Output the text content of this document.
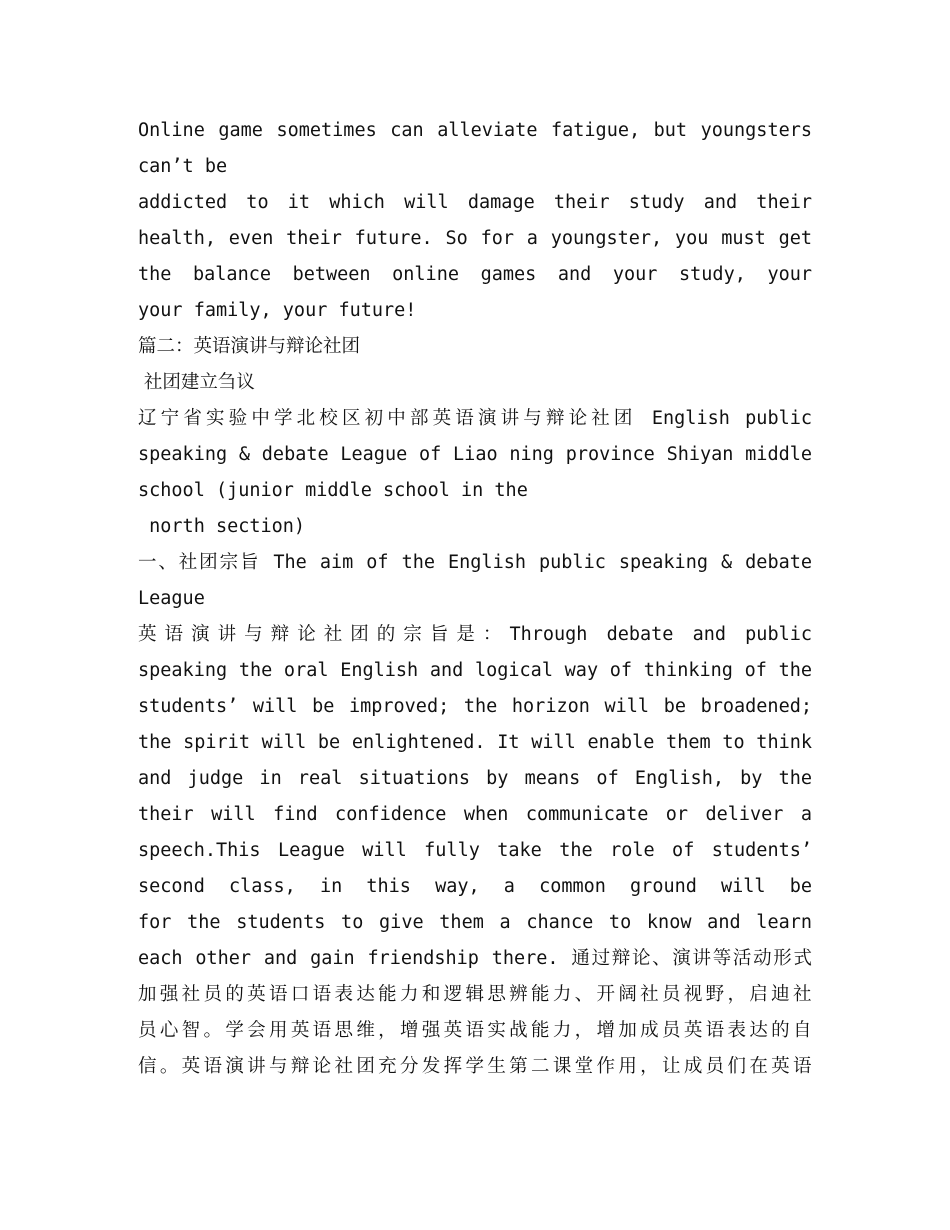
Online game sometimes can alleviate fatigue, but youngsters
can’t be
addicted to it which will damage their study and their
health, even their future. So for a youngster, you must get
the balance between online games and your study, your
your family, your future!
篇二：英语演讲与辩论社团
社团建立刍议
辽宁省实验中学北校区初中部英语演讲与辩论社团 English public
speaking & debate League of Liao ning province Shiyan middle
school (junior middle school in the
north section)
一、社团宗旨 The aim of the English public speaking & debate
League
英语演讲与辩论社团的宗旨是：Through debate and public
speaking the oral English and logical way of thinking of the
students’ will be improved; the horizon will be broadened;
the spirit will be enlightened. It will enable them to think
and judge in real situations by means of English, by the
their will find confidence when communicate or deliver a
speech.This League will fully take the role of students’
second class, in this way, a common ground will be
for the students to give them a chance to know and learn
each other and gain friendship there. 通过辩论、演讲等活动形式
加强社员的英语口语表达能力和逻辑思辨能力、开阔社员视野，启迪社
员心智。学会用英语思维，增强英语实战能力，增加成员英语表达的自
信。英语演讲与辩论社团充分发挥学生第二课堂作用，让成员们在英语
